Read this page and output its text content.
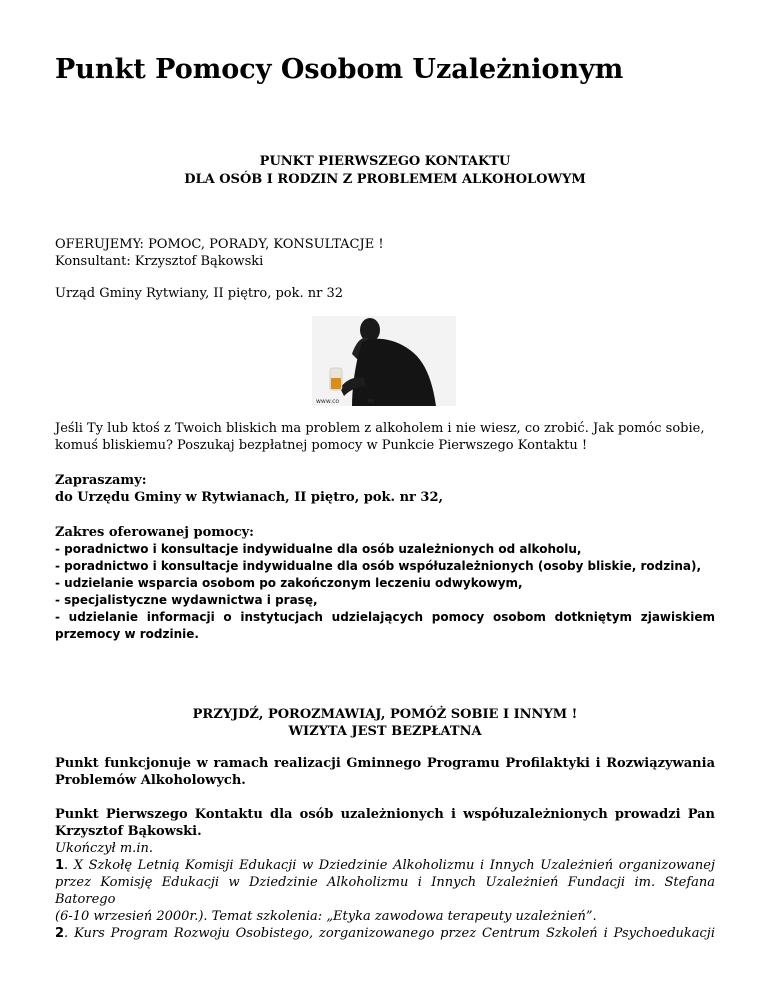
Punkt Pomocy Osobom Uzależnionym
PUNKT PIERWSZEGO KONTAKTU
DLA OSÓB I RODZIN Z PROBLEMEM ALKOHOLOWYM
OFERUJEMY: POMOC, PORADY, KONSULTACJE !
Konsultant: Krzysztof Bąkowski
Urząd Gminy Rytwiany, II piętro, pok. nr 32
www.co	m
Jeśli Ty lub ktoś z Twoich bliskich ma problem z alkoholem i nie wiesz, co zrobić. Jak pomóc sobie,
komuś bliskiemu? Poszukaj bezpłatnej pomocy w Punkcie Pierwszego Kontaktu !
Zapraszamy:
do Urzędu Gminy w Rytwianach, II piętro, pok. nr 32,
Zakres oferowanej pomocy:
- poradnictwo i konsultacje indywidualne dla osób uzależnionych od alkoholu,
- poradnictwo i konsultacje indywidualne dla osób współuzależnionych (osoby bliskie, rodzina),
- udzielanie wsparcia osobom po zakończonym leczeniu odwykowym,
- specjalistyczne wydawnictwa i prasę,
- udzielanie informacji o instytucjach udzielających pomocy osobom dotkniętym zjawiskiem
przemocy w rodzinie.
PRZYJDŹ, POROZMAWIAJ, POMÓŻ SOBIE I INNYM !
WIZYTA JEST BEZPŁATNA
Punkt funkcjonuje w ramach realizacji Gminnego Programu Profilaktyki i Rozwiązywania
Problemów Alkoholowych.
Punkt Pierwszego Kontaktu dla osób uzależnionych i współuzależnionych prowadzi Pan
Krzysztof Bąkowski.
Ukończył m.in.
1. X Szkołę Letnią Komisji Edukacji w Dziedzinie Alkoholizmu i Innych Uzależnień organizowanej
przez Komisję Edukacji w Dziedzinie Alkoholizmu i Innych Uzależnień Fundacji im. Stefana Batorego
(6-10 wrzesień 2000r.). Temat szkolenia: „Etyka zawodowa terapeuty uzależnień”.
2. Kurs Program Rozwoju Osobistego, zorganizowanego przez Centrum Szkoleń i Psychoedukacji
